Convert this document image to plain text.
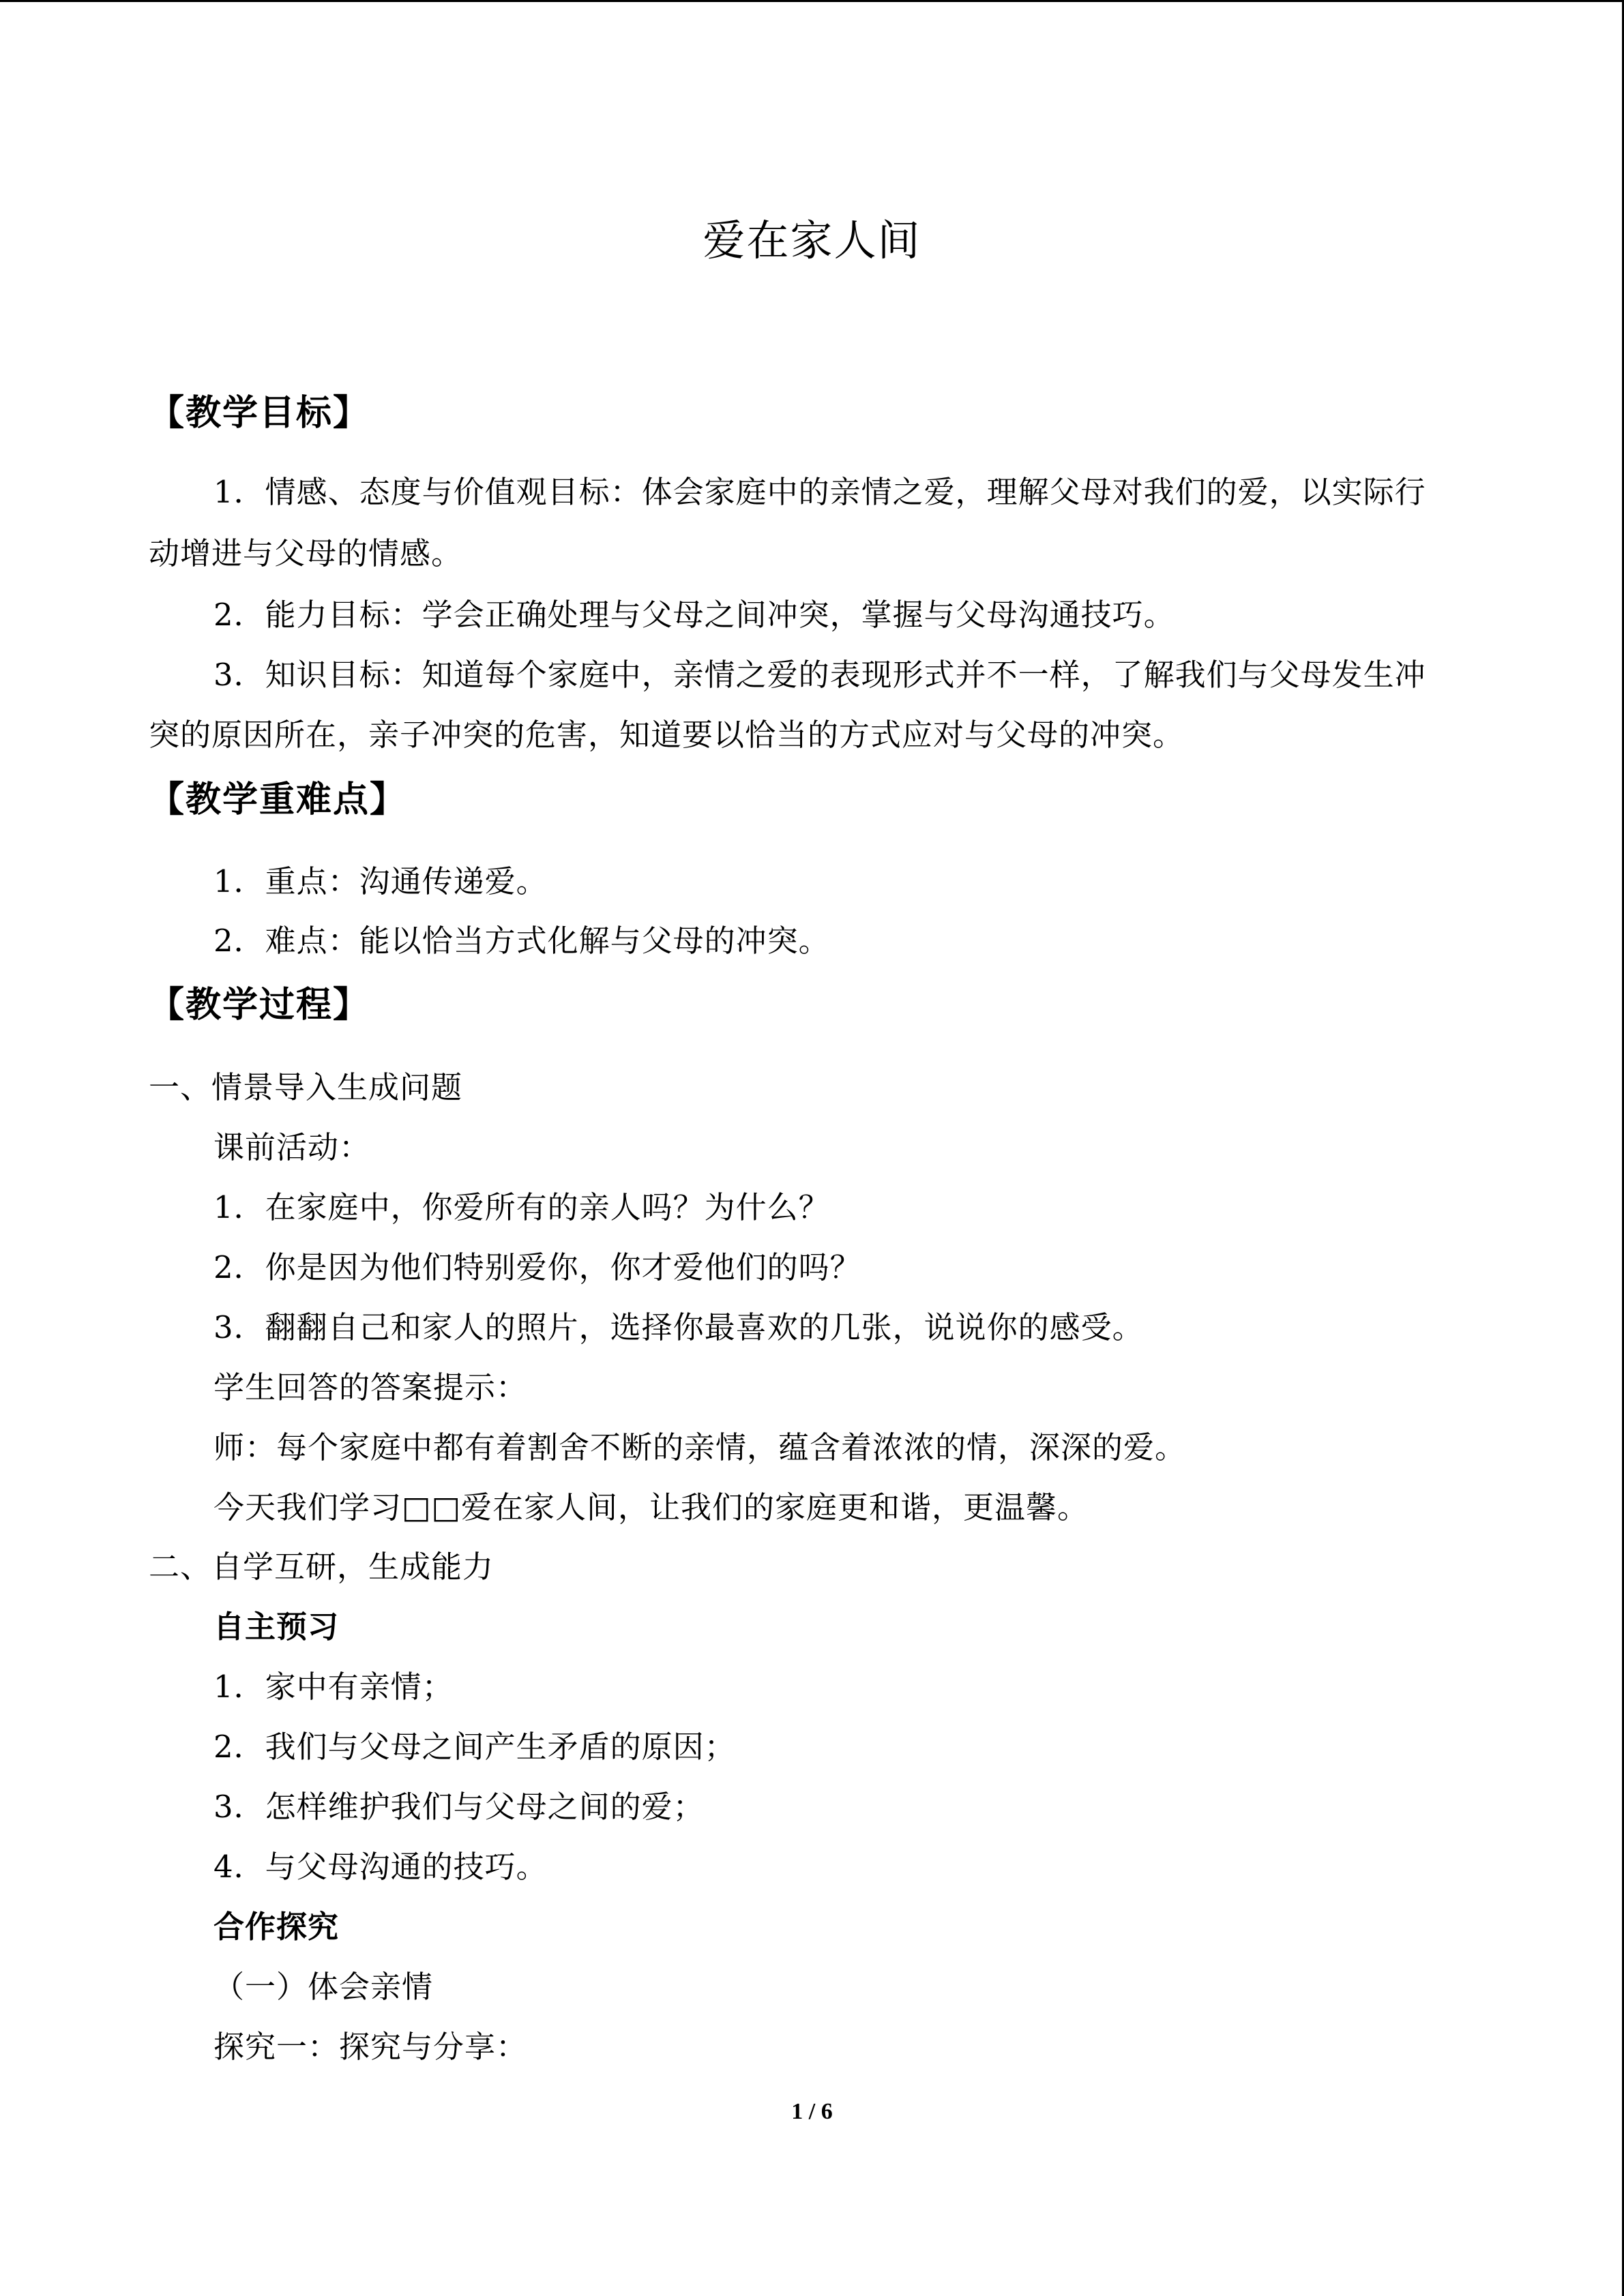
爱在家人间
【教学目标】
1．情感、态度与价值观目标：体会家庭中的亲情之爱，理解父母对我们的爱，以实际行
动增进与父母的情感。
2．能力目标：学会正确处理与父母之间冲突，掌握与父母沟通技巧。
3．知识目标：知道每个家庭中，亲情之爱的表现形式并不一样，了解我们与父母发生冲
突的原因所在，亲子冲突的危害，知道要以恰当的方式应对与父母的冲突。
【教学重难点】
1．重点：沟通传递爱。
2．难点：能以恰当方式化解与父母的冲突。
【教学过程】
一、情景导入生成问题
课前活动：
1．在家庭中，你爱所有的亲人吗？为什么？
2．你是因为他们特别爱你，你才爱他们的吗？
3．翻翻自己和家人的照片，选择你最喜欢的几张，说说你的感受。
学生回答的答案提示：
师：每个家庭中都有着割舍不断的亲情，蕴含着浓浓的情，深深的爱。
今天我们学习□□爱在家人间，让我们的家庭更和谐，更温馨。
二、自学互研，生成能力
自主预习
1．家中有亲情；
2．我们与父母之间产生矛盾的原因；
3．怎样维护我们与父母之间的爱；
4．与父母沟通的技巧。
合作探究
（一）体会亲情
探究一：探究与分享：
1 / 6
